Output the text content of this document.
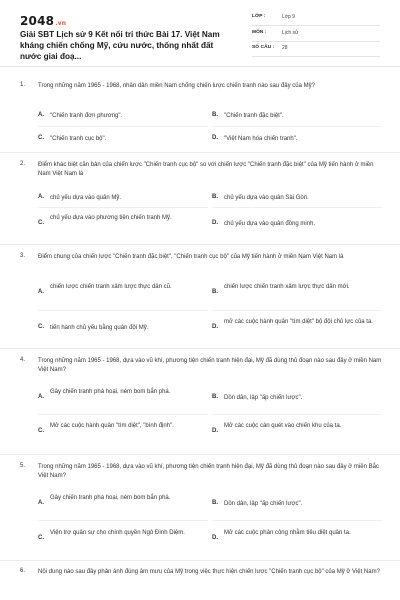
2048.vn
Giải SBT Lịch sử 9 Kết nối tri thức Bài 17. Việt Nam kháng chiến chống Mỹ, cứu nước, thống nhất đất nước giai đoạ...
LỚP :	Lớp 9
MÔN :	Lịch sử
SỐ CÂU : 28
1. Trong những năm 1965 - 1968, nhân dân miền Nam chống chiến lược chiến tranh nào sau đây của Mỹ?
A. "Chiến tranh đơn phương".	B. "Chiến tranh đặc biệt".
C. "Chiến tranh cục bộ".	D. "Việt Nam hóa chiến tranh".
2. Điểm khác biệt căn bản của chiến lược "Chiến tranh cục bộ" so với chiến lược "Chiến tranh đặc biệt" của Mỹ tiến hành ở miền Nam Việt Nam là
A. chủ yếu dựa vào quân Mỹ.	B. chủ yếu dựa vào quân Sài Gòn.
C.
chủ yếu dựa vào phương tiện chiến tranh Mỹ.
D. chủ yếu dựa vào quân đồng minh.
3. Điểm chung của chiến lược "Chiến tranh đặc biệt", "Chiến tranh cục bộ" của Mỹ tiến hành ở miền Nam Việt Nam là
A.
chiến lược chiến tranh xâm lược thực dân cũ.
B.
chiến lược chiến tranh xâm lược thực dân mới.
C. tiến hành chủ yếu bằng quân đội Mỹ.	D.
mở các cuộc hành quân "tìm diệt" bộ đội chủ lực của ta.
4. Trong những năm 1965 - 1968, dựa vào vũ khí, phương tiện chiến tranh hiện đại, Mỹ đã dùng thủ đoạn nào sau đây ở miền Nam Việt Nam?
A.
Gây chiến tranh phá hoại, ném bom bắn phá.
B. Dồn dân, lập "ấp chiến lược".
C.
Mở các cuộc hành quân "tìm diệt", "bình định".
D.
Mở các cuộc càn quét vào chiến khu của ta.
5. Trong những năm 1965 - 1968, dựa vào vũ khí, phương tiện chiến tranh hiện đại, Mỹ đã dùng thủ đoạn nào sau đây ở miền Bắc Việt Nam?
A.
Gây chiến tranh phá hoại, ném bom bắn phá.
B. Dồn dân, lập "ấp chiến lược".
C.
Viện trợ quân sự cho chính quyền Ngô Đình Diệm.
D.
Mở các cuộc phản công nhằm tiêu diệt quân ta.
6. Nội dung nào sau đây phản ánh đúng âm mưu của Mỹ trong việc thực hiện chiến lược "Chiến tranh cục bộ" của Mỹ ở Việt Nam?
